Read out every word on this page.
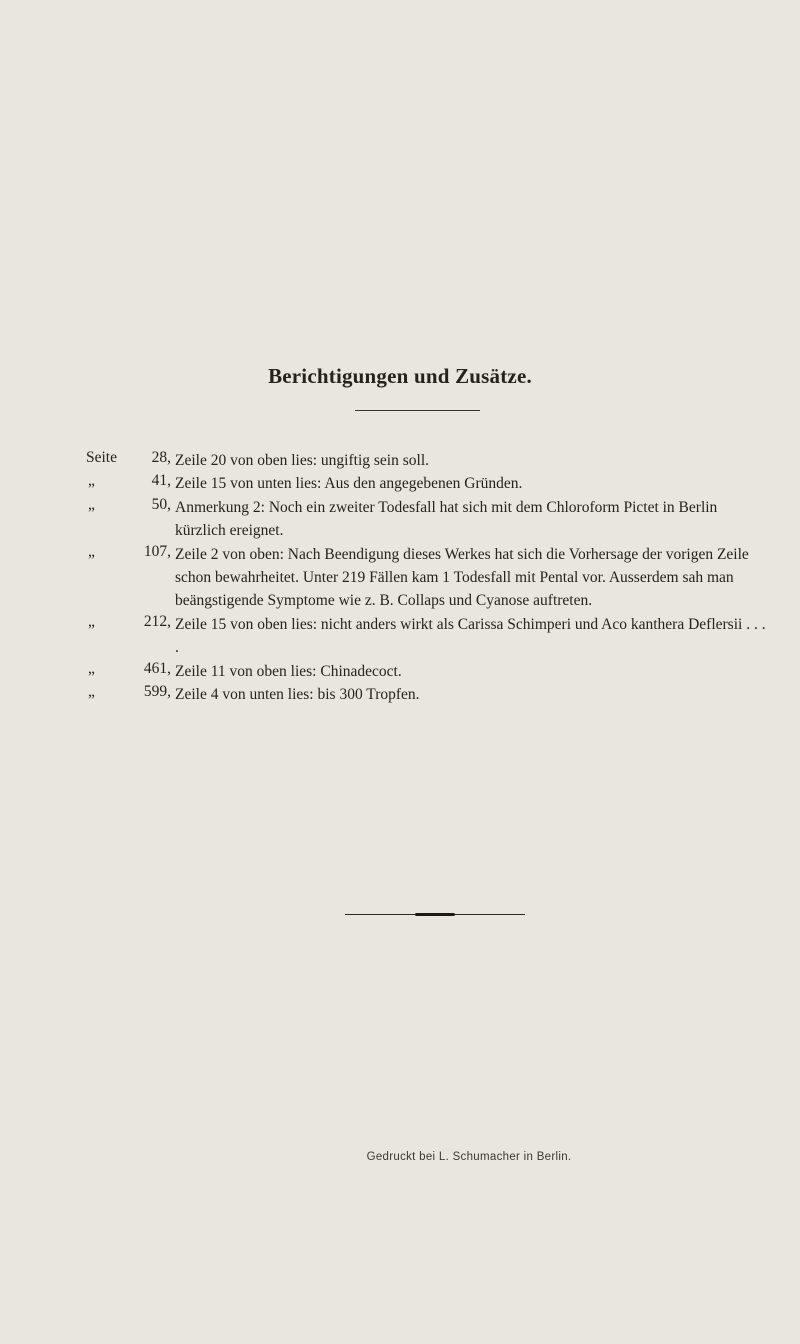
Berichtigungen und Zusätze.
Seite	28, Zeile 20 von oben lies: ungiftig sein soll.
„	41, Zeile 15 von unten lies: Aus den angegebenen Gründen.
„	50, Anmerkung 2: Noch ein zweiter Todesfall hat sich mit dem Chloroform Pictet in Berlin kürzlich ereignet.
„	107, Zeile 2 von oben: Nach Beendigung dieses Werkes hat sich die Vorhersage der vorigen Zeile schon bewahrheitet. Unter 219 Fällen kam 1 Todesfall mit Pental vor. Ausserdem sah man beängstigende Symptome wie z. B. Collaps und Cyanose auftreten.
„	212, Zeile 15 von oben lies: nicht anders wirkt als Carissa Schimperi und Aco kanthera Deflersii . . . .
„	461, Zeile 11 von oben lies: Chinadecoct.
„	599, Zeile 4 von unten lies: bis 300 Tropfen.
Gedruckt bei L. Schumacher in Berlin.
